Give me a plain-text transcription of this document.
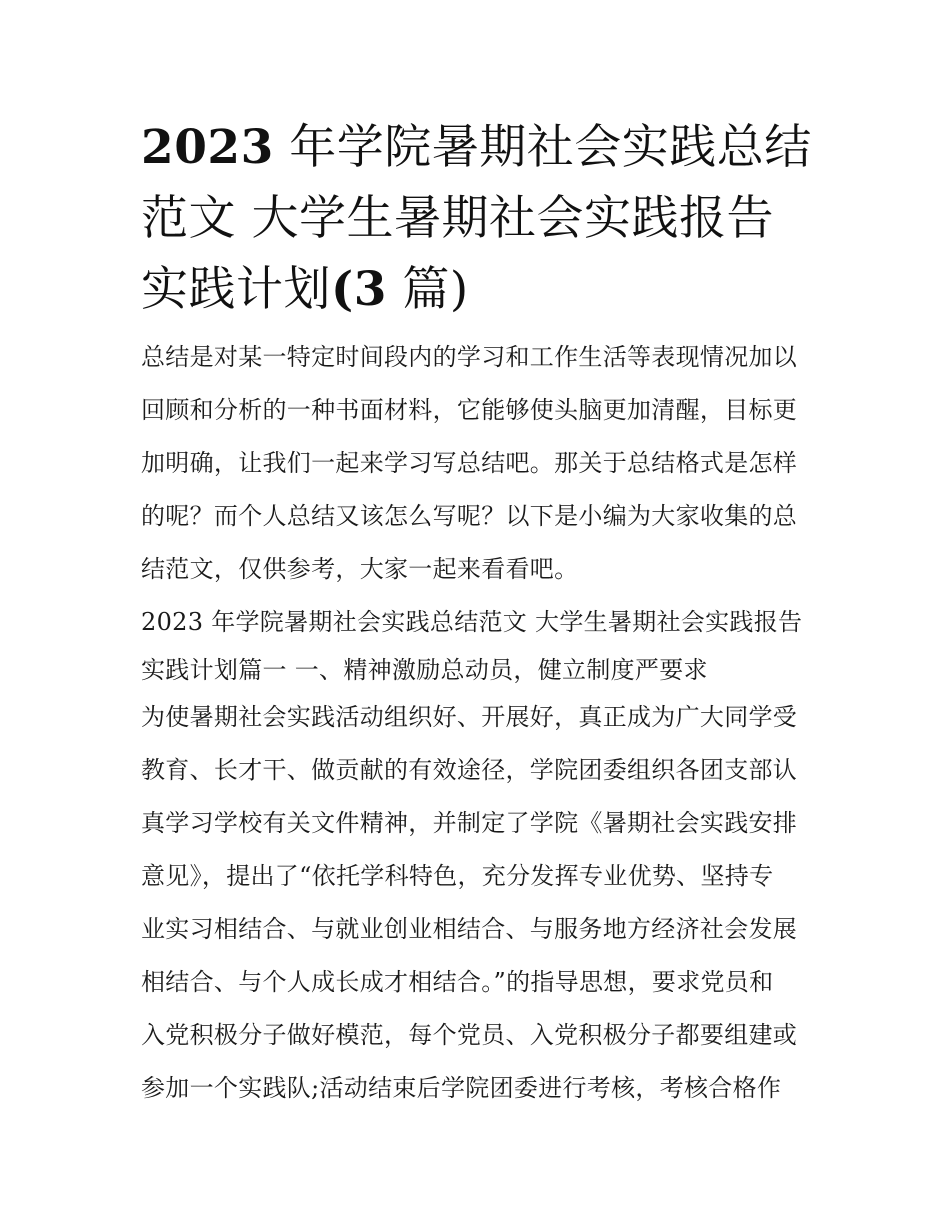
2023 年学院暑期社会实践总结
范文 大学生暑期社会实践报告
实践计划(3 篇)
总结是对某一特定时间段内的学习和工作生活等表现情况加以
回顾和分析的一种书面材料，它能够使头脑更加清醒，目标更
加明确，让我们一起来学习写总结吧。那关于总结格式是怎样
的呢？而个人总结又该怎么写呢？以下是小编为大家收集的总
结范文，仅供参考，大家一起来看看吧。
2023 年学院暑期社会实践总结范文 大学生暑期社会实践报告
实践计划篇一 一、精神激励总动员，健立制度严要求
为使暑期社会实践活动组织好、开展好，真正成为广大同学受
教育、长才干、做贡献的有效途径，学院团委组织各团支部认
真学习学校有关文件精神，并制定了学院《暑期社会实践安排
意见》，提出了“依托学科特色，充分发挥专业优势、坚持专
业实习相结合、与就业创业相结合、与服务地方经济社会发展
相结合、与个人成长成才相结合。”的指导思想，要求党员和
入党积极分子做好模范，每个党员、入党积极分子都要组建或
参加一个实践队;活动结束后学院团委进行考核，考核合格作
